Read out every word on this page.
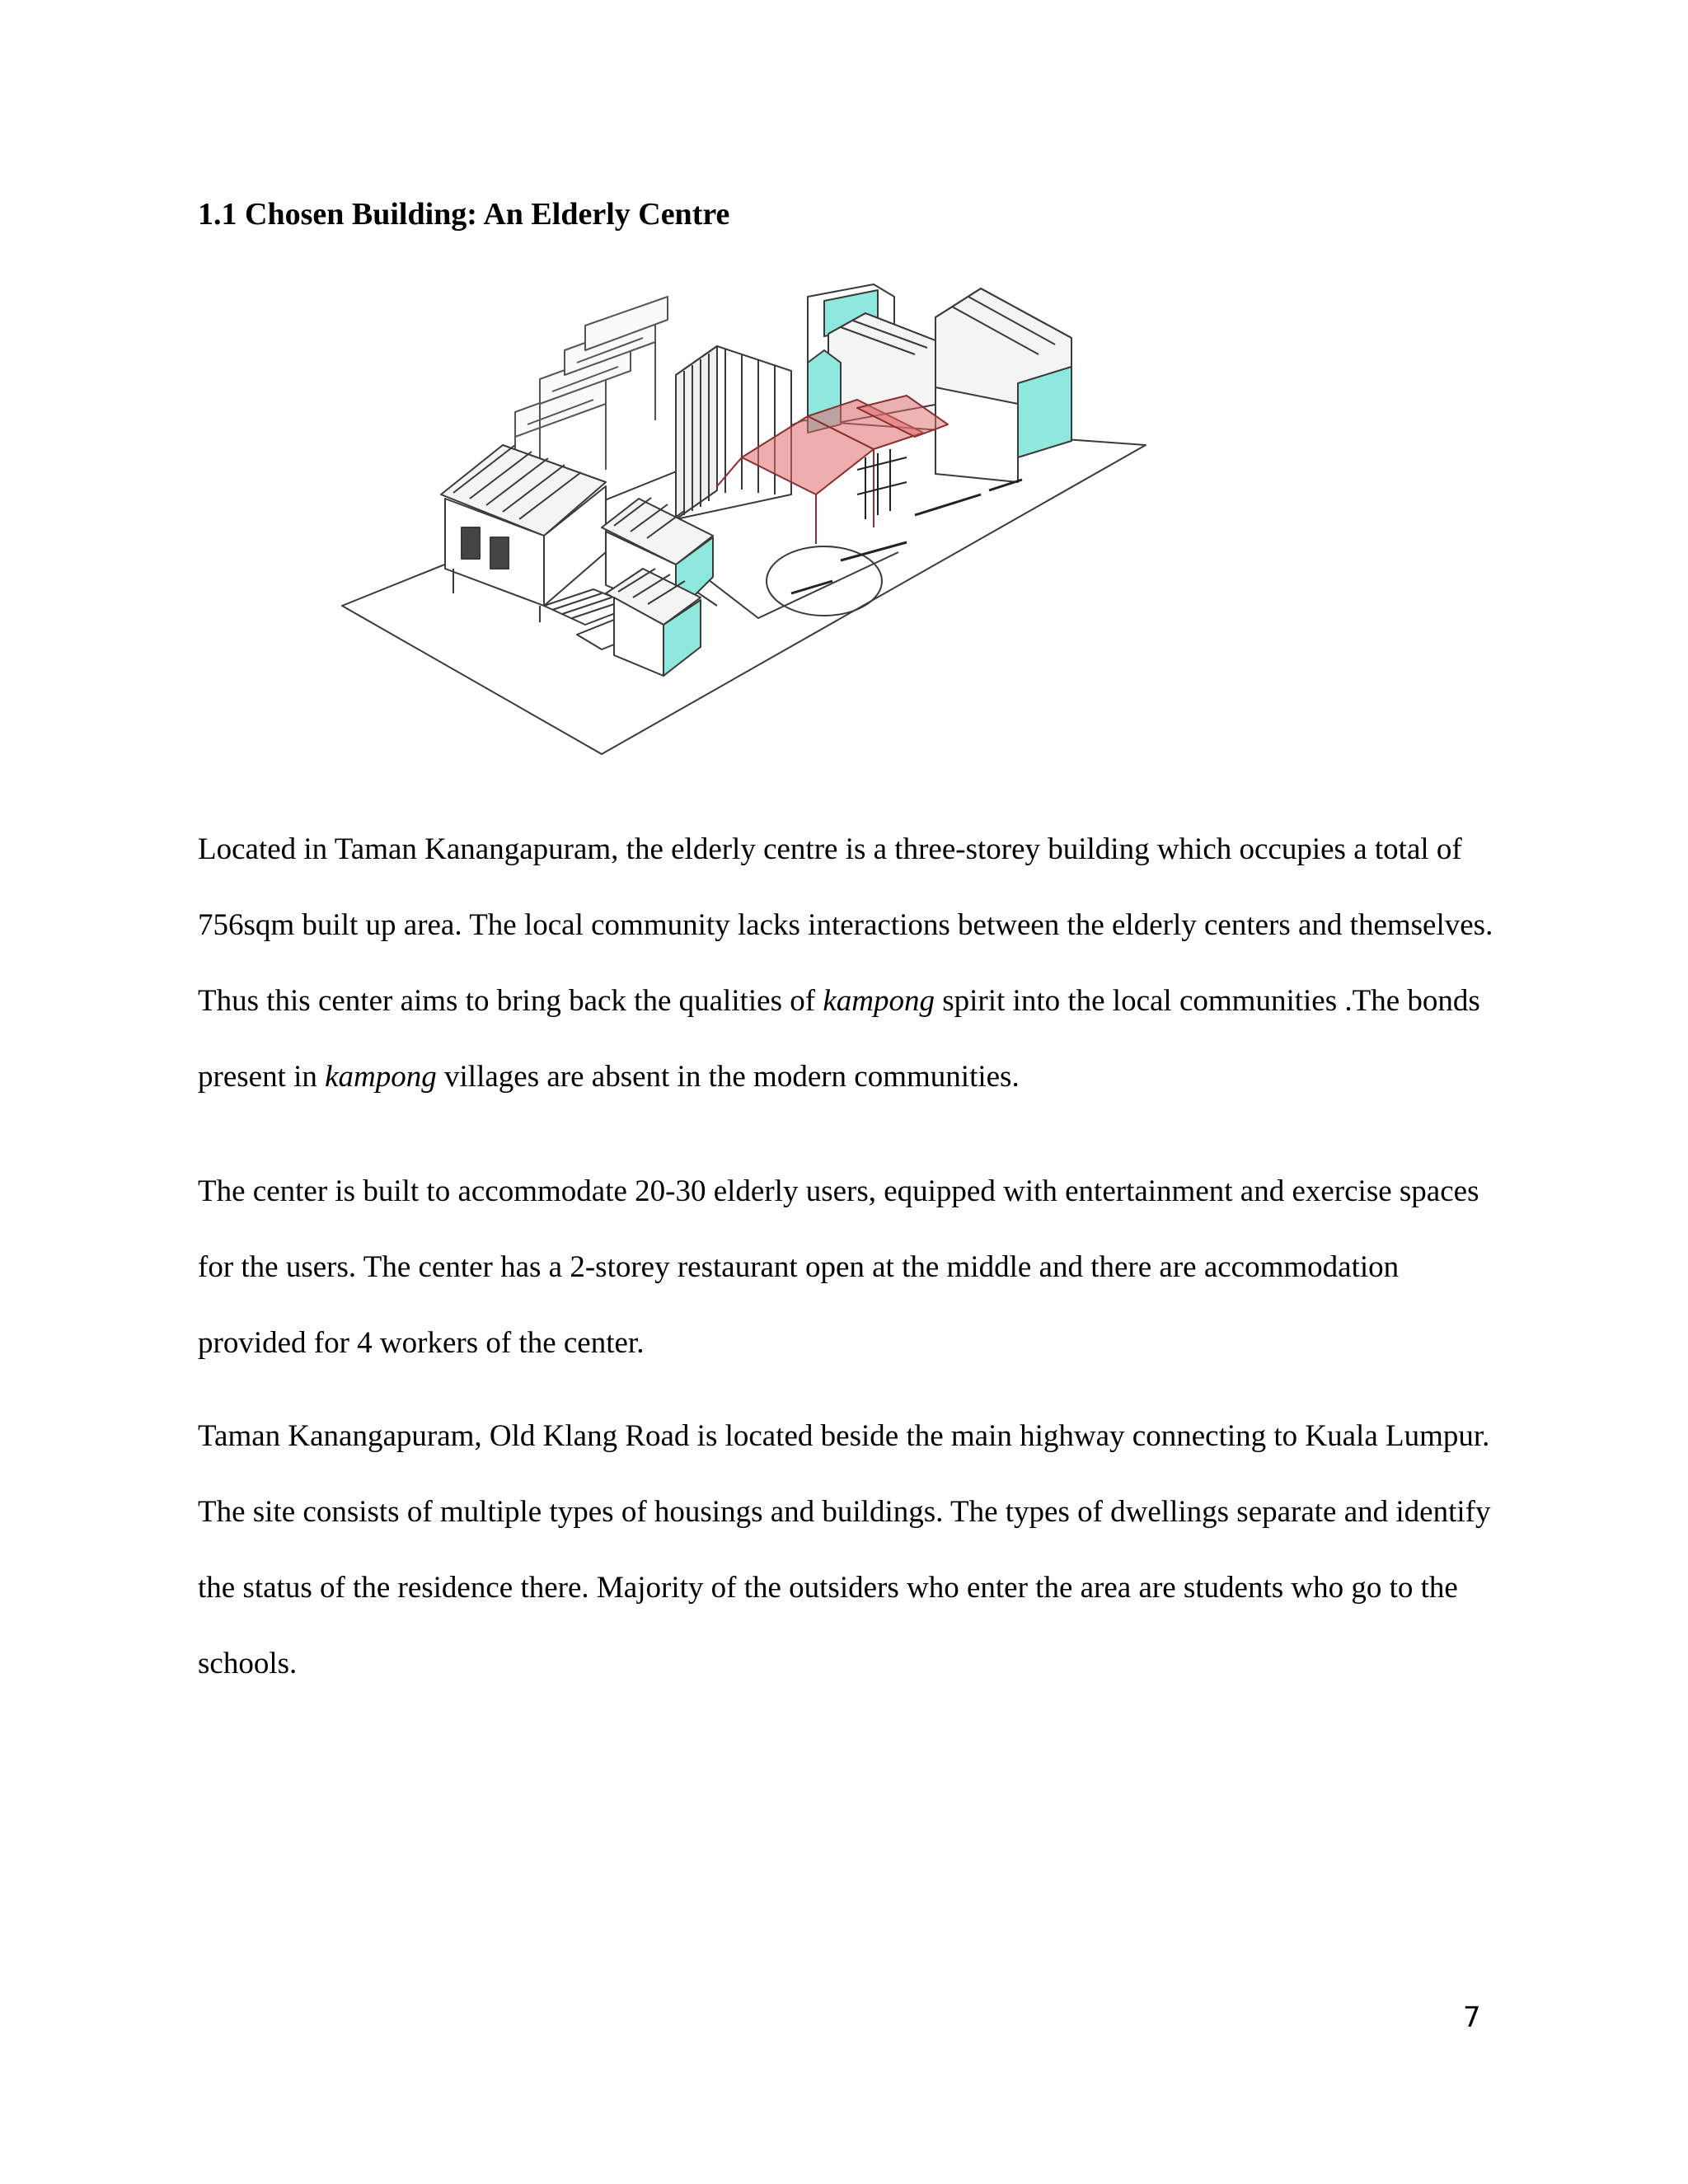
1.1 Chosen Building: An Elderly Centre

Located in Taman Kanangapuram, the elderly centre is a three-storey building which occupies a total of 756sqm built up area. The local community lacks interactions between the elderly centers and themselves. Thus this center aims to bring back the qualities of kampong spirit into the local communities .The bonds present in kampong villages are absent in the modern communities.

The center is built to accommodate 20-30 elderly users, equipped with entertainment and exercise spaces for the users. The center has a 2-storey restaurant open at the middle and there are accommodation provided for 4 workers of the center.

Taman Kanangapuram, Old Klang Road is located beside the main highway connecting to Kuala Lumpur. The site consists of multiple types of housings and buildings. The types of dwellings separate and identify the status of the residence there. Majority of the outsiders who enter the area are students who go to the schools.

7
